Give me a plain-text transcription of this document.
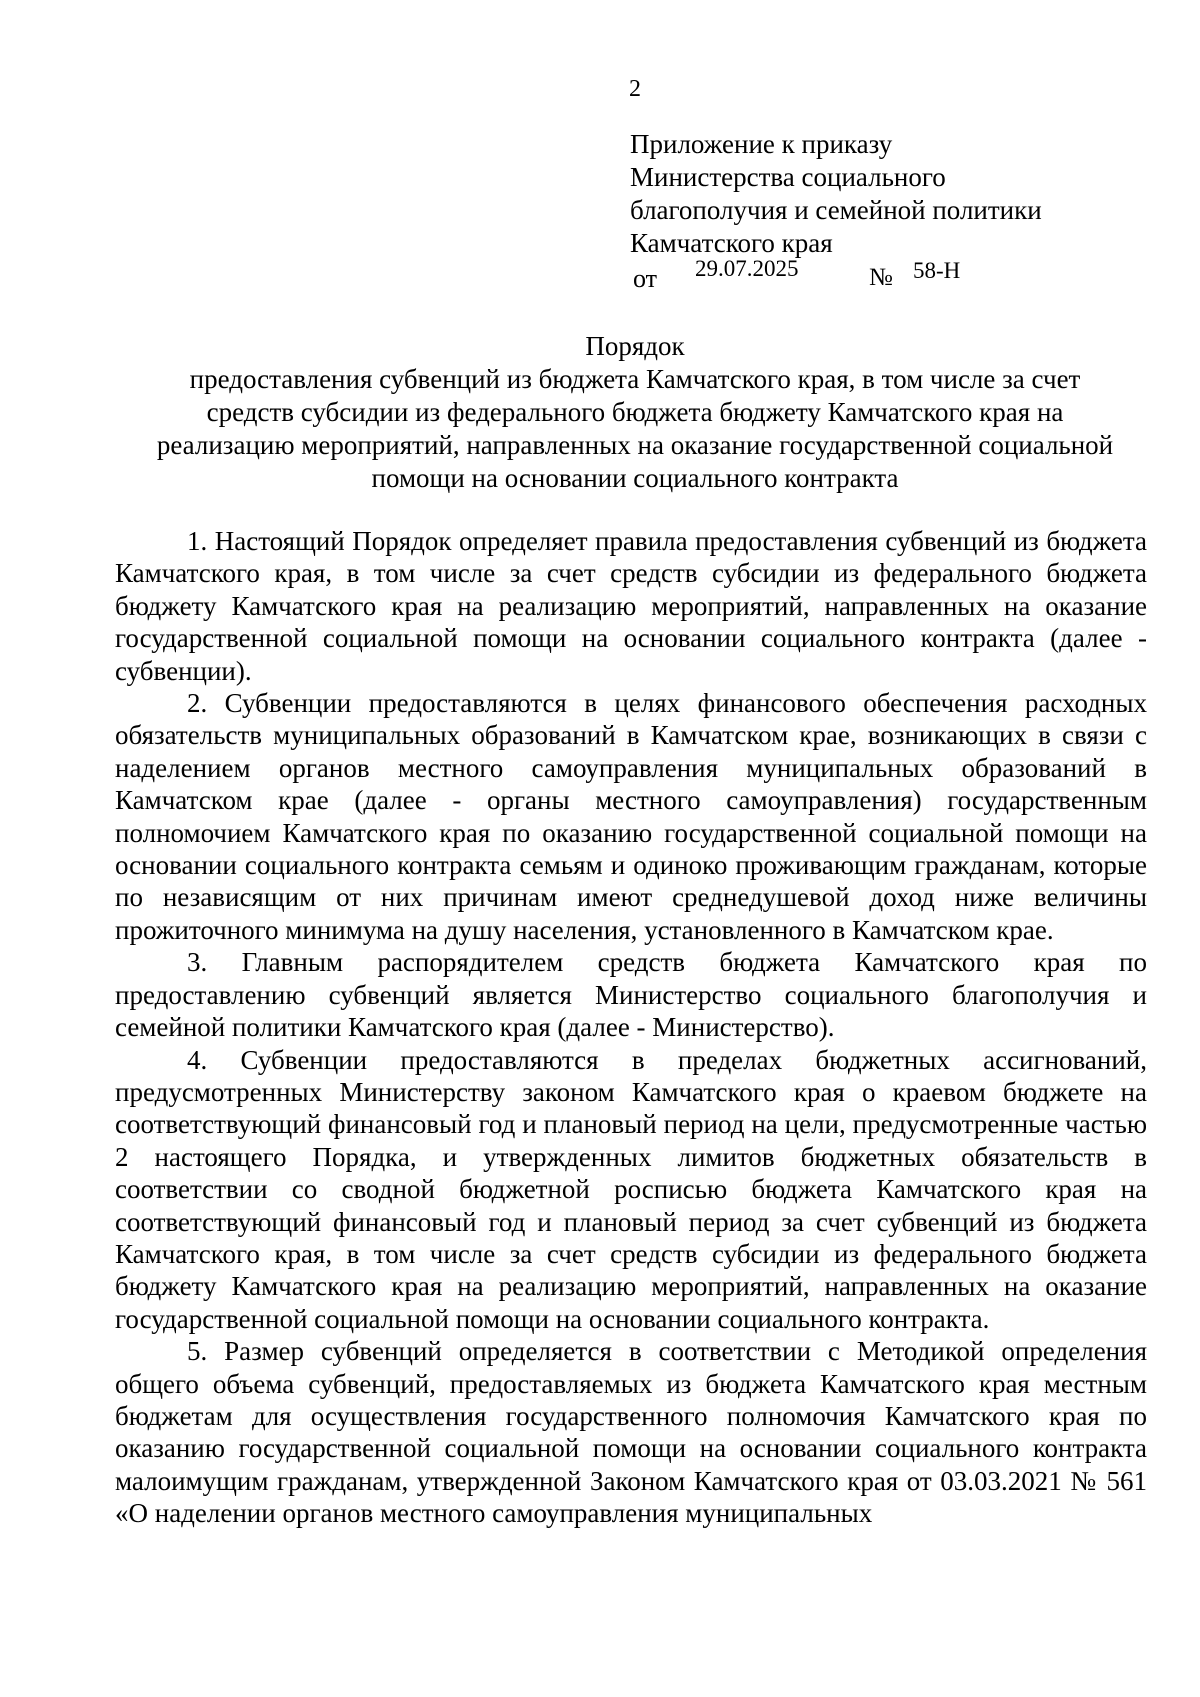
2
Приложение к приказу
Министерства социального
благополучия и семейной политики
Камчатского края
от 29.07.2025	№ 58-Н
Порядок
предоставления субвенций из бюджета Камчатского края, в том числе за счет
средств субсидии из федерального бюджета бюджету Камчатского края на
реализацию мероприятий, направленных на оказание государственной социальной
помощи на основании социального контракта

1. Настоящий Порядок определяет правила предоставления субвенций из бюджета Камчатского края, в том числе за счет средств субсидии из федерального бюджета бюджету Камчатского края на реализацию мероприятий, направленных на оказание государственной социальной помощи на основании социального контракта (далее - субвенции).

2. Субвенции предоставляются в целях финансового обеспечения расходных обязательств муниципальных образований в Камчатском крае, возникающих в связи с наделением органов местного самоуправления муниципальных образований в Камчатском крае (далее - органы местного самоуправления) государственным полномочием Камчатского края по оказанию государственной социальной помощи на основании социального контракта семьям и одиноко проживающим гражданам, которые по независящим от них причинам имеют среднедушевой доход ниже величины прожиточного минимума на душу населения, установленного в Камчатском крае.

3. Главным распорядителем средств бюджета Камчатского края по предоставлению субвенций является Министерство социального благополучия и семейной политики Камчатского края (далее - Министерство).

4. Субвенции предоставляются в пределах бюджетных ассигнований, предусмотренных Министерству законом Камчатского края о краевом бюджете на соответствующий финансовый год и плановый период на цели, предусмотренные частью 2 настоящего Порядка, и утвержденных лимитов бюджетных обязательств в соответствии со сводной бюджетной росписью бюджета Камчатского края на соответствующий финансовый год и плановый период за счет субвенций из бюджета Камчатского края, в том числе за счет средств субсидии из федерального бюджета бюджету Камчатского края на реализацию мероприятий, направленных на оказание государственной социальной помощи на основании социального контракта.

5. Размер субвенций определяется в соответствии с Методикой определения общего объема субвенций, предоставляемых из бюджета Камчатского края местным бюджетам для осуществления государственного полномочия Камчатского края по оказанию государственной социальной помощи на основании социального контракта малоимущим гражданам, утвержденной Законом Камчатского края от 03.03.2021 № 561 «О наделении органов местного самоуправления муниципальных
